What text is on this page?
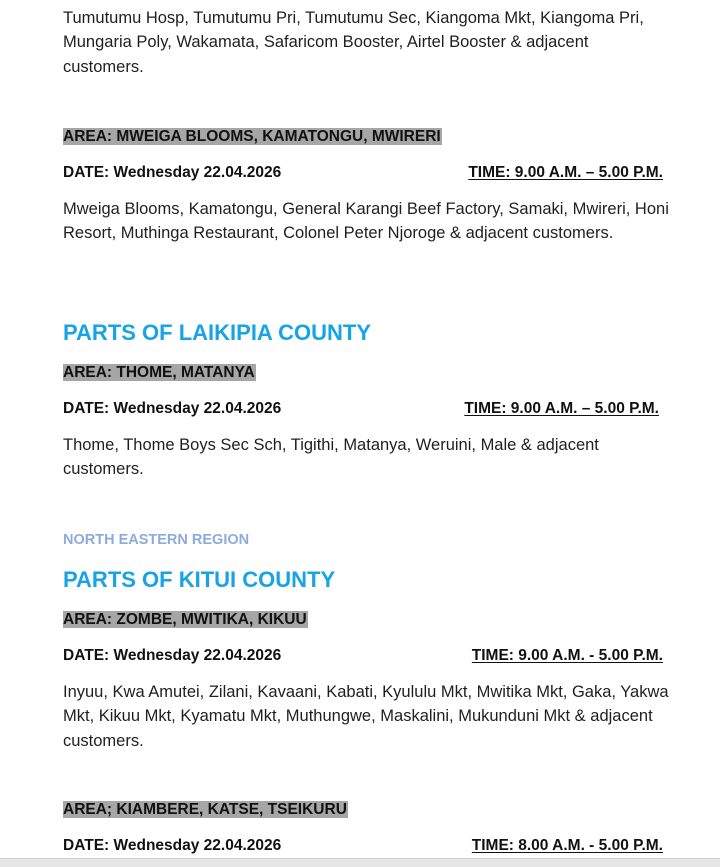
Tumutumu Hosp, Tumutumu Pri, Tumutumu Sec, Kiangoma Mkt, Kiangoma Pri, Mungaria Poly, Wakamata, Safaricom Booster, Airtel Booster & adjacent customers.

AREA: MWEIGA BLOOMS, KAMATONGU, MWIRERI
DATE: Wednesday 22.04.2026	TIME: 9.00 A.M. – 5.00 P.M.

Mweiga Blooms, Kamatongu, General Karangi Beef Factory, Samaki, Mwireri, Honi Resort, Muthinga Restaurant, Colonel Peter Njoroge & adjacent customers.

PARTS OF LAIKIPIA COUNTY
AREA: THOME, MATANYA
DATE: Wednesday 22.04.2026	TIME: 9.00 A.M. – 5.00 P.M.

Thome, Thome Boys Sec Sch, Tigithi, Matanya, Weruini, Male & adjacent customers.

NORTH EASTERN REGION
PARTS OF KITUI COUNTY
AREA: ZOMBE, MWITIKA, KIKUU
DATE: Wednesday 22.04.2026	TIME: 9.00 A.M. - 5.00 P.M.

Inyuu, Kwa Amutei, Zilani, Kavaani, Kabati, Kyululu Mkt, Mwitika Mkt, Gaka, Yakwa Mkt, Kikuu Mkt, Kyamatu Mkt, Muthungwe, Maskalini, Mukunduni Mkt & adjacent customers.

AREA; KIAMBERE, KATSE, TSEIKURU
DATE: Wednesday 22.04.2026	TIME: 8.00 A.M. - 5.00 P.M.
